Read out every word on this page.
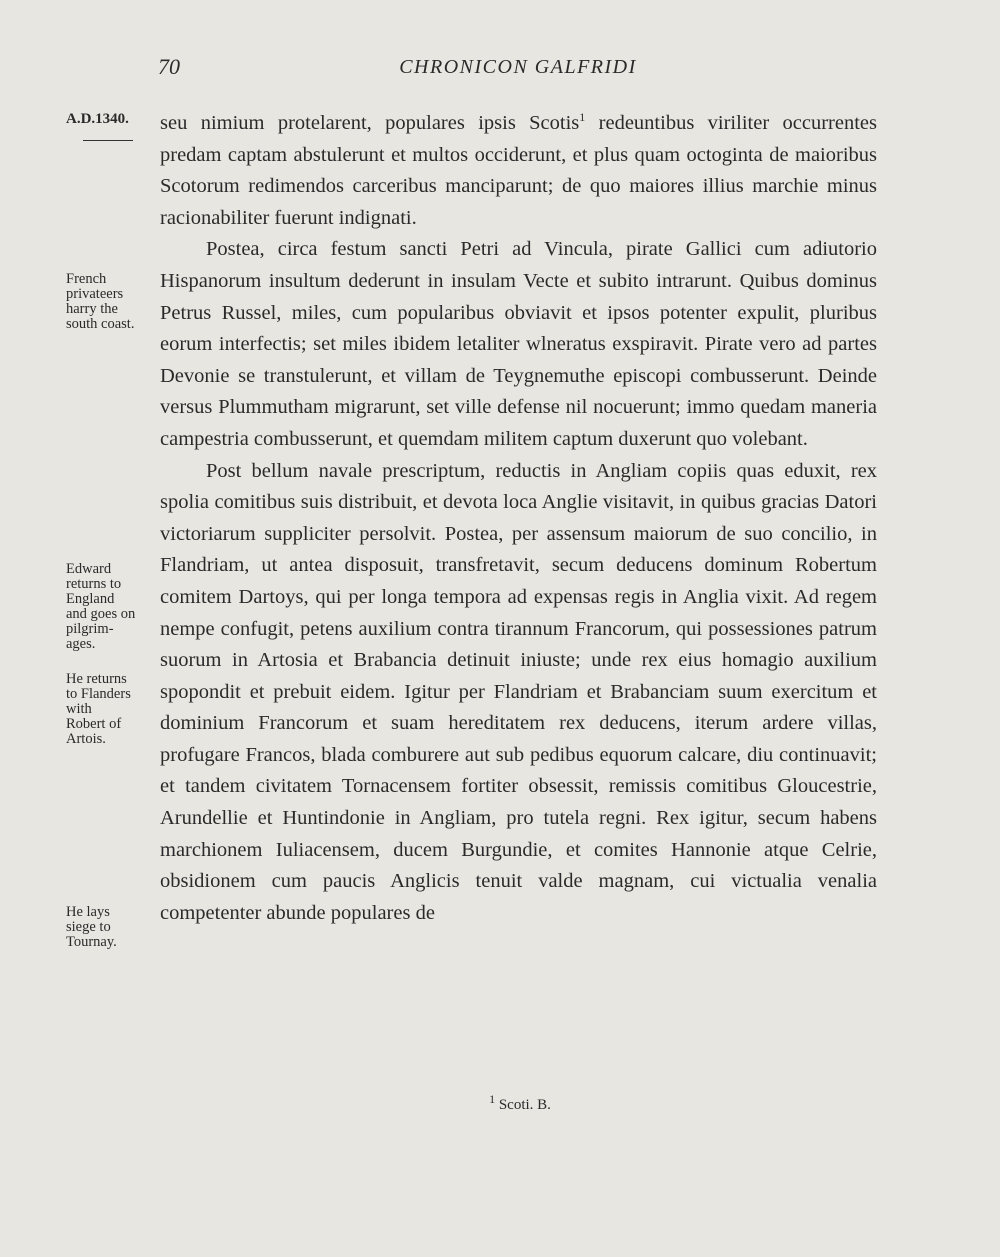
70	CHRONICON GALFRIDI
A.D.1340.
French
privateers
harry the
south coast.
Edward
returns to
England
and goes on
pilgrim-
ages.
He returns
to Flanders
with
Robert of
Artois.
He lays
siege to
Tournay.

seu nimium protelarent, populares ipsis Scotis$^1$ redeuntibus viriliter occurrentes predam captam abstulerunt et multos occiderunt, et plus quam octoginta de maioribus Scotorum redimendos carceribus manciparunt; de quo maiores illius marchie minus racionabiliter fuerunt indignati.

Postea, circa festum sancti Petri ad Vincula, pirate Gallici cum adiutorio Hispanorum insultum dederunt in insulam Vecte et subito intrarunt. Quibus dominus Petrus Russel, miles, cum popularibus obviavit et ipsos potenter expulit, pluribus eorum interfectis; set miles ibidem letaliter wlneratus exspiravit. Pirate vero ad partes Devonie se transtulerunt, et villam de Teygnemuthe episcopi combusserunt. Deinde versus Plummutham migrarunt, set ville defense nil nocuerunt; immo quedam maneria campestria combusserunt, et quemdam militem captum duxerunt quo volebant.

Post bellum navale prescriptum, reductis in Angliam copiis quas eduxit, rex spolia comitibus suis distribuit, et devota loca Anglie visitavit, in quibus gracias Datori victoriarum suppliciter persolvit. Postea, per assensum maiorum de suo concilio, in Flandriam, ut antea disposuit, transfretavit, secum deducens dominum Robertum comitem Dartoys, qui per longa tempora ad expensas regis in Anglia vixit. Ad regem nempe confugit, petens auxilium contra tirannum Francorum, qui possessiones patrum suorum in Artosia et Brabancia detinuit iniuste; unde rex eius homagio auxilium spopondit et prebuit eidem. Igitur per Flandriam et Brabanciam suum exercitum et dominium Francorum et suam hereditatem rex deducens, iterum ardere villas, profugare Francos, blada comburere aut sub pedibus equorum calcare, diu continuavit; et tandem civitatem Tornacensem fortiter obsessit, remissis comitibus Gloucestrie, Arundellie et Huntindonie in Angliam, pro tutela regni. Rex igitur, secum habens marchionem Iuliacensem, ducem Burgundie, et comites Hannonie atque Celrie, obsidionem cum paucis Anglicis tenuit valde magnam, cui victualia venalia competenter abunde populares de

$^1$ Scoti. B.
